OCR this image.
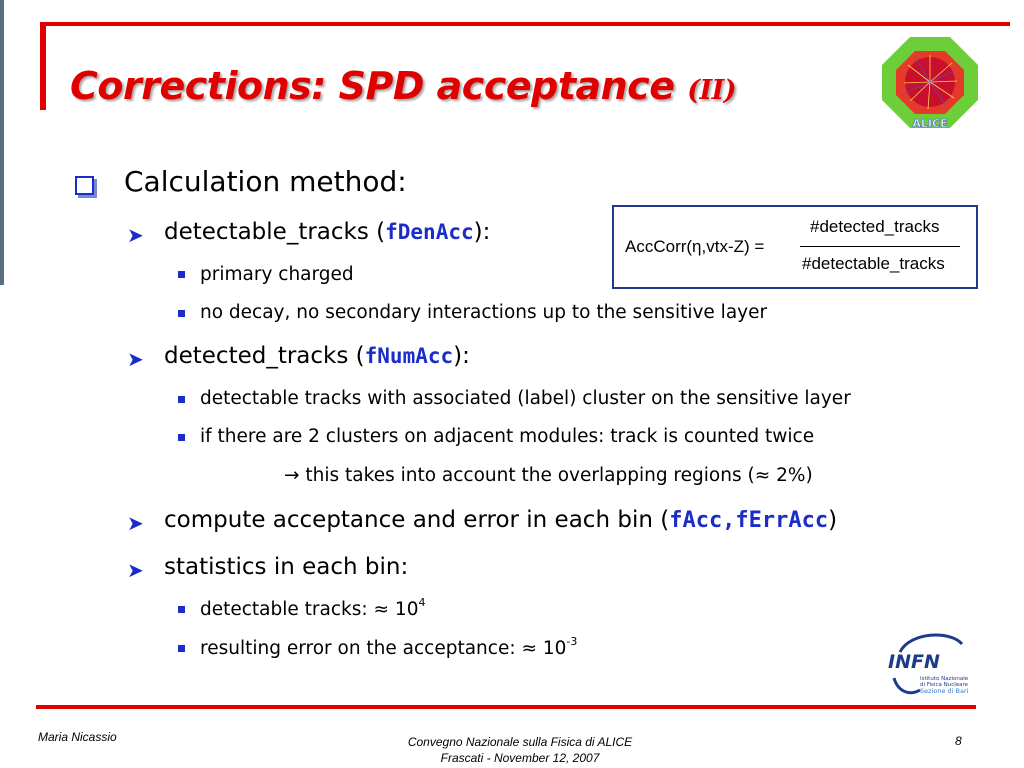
Corrections: SPD acceptance (II)
ALICE
Calculation method:
➤ detectable_tracks (fDenAcc):
primary charged
no decay, no secondary interactions up to the sensitive layer
➤ detected_tracks (fNumAcc):
detectable tracks with associated (label) cluster on the sensitive layer
if there are 2 clusters on adjacent modules: track is counted twice
→ this takes into account the overlapping regions (≈ 2%)
➤ compute acceptance and error in each bin (fAcc,fErrAcc)
➤ statistics in each bin:
detectable tracks: ≈ $10^4$
resulting error on the acceptance: ≈ $10^{-3}$
AccCorr(η,vtx-Z) =
#detected_tracks
#detectable_tracks
INFN
Istituto Nazionale
di Fisica Nucleare
Sezione di Bari
Maria Nicassio	Convegno Nazionale sulla Fisica di ALICE
Frascati - November 12, 2007
8
